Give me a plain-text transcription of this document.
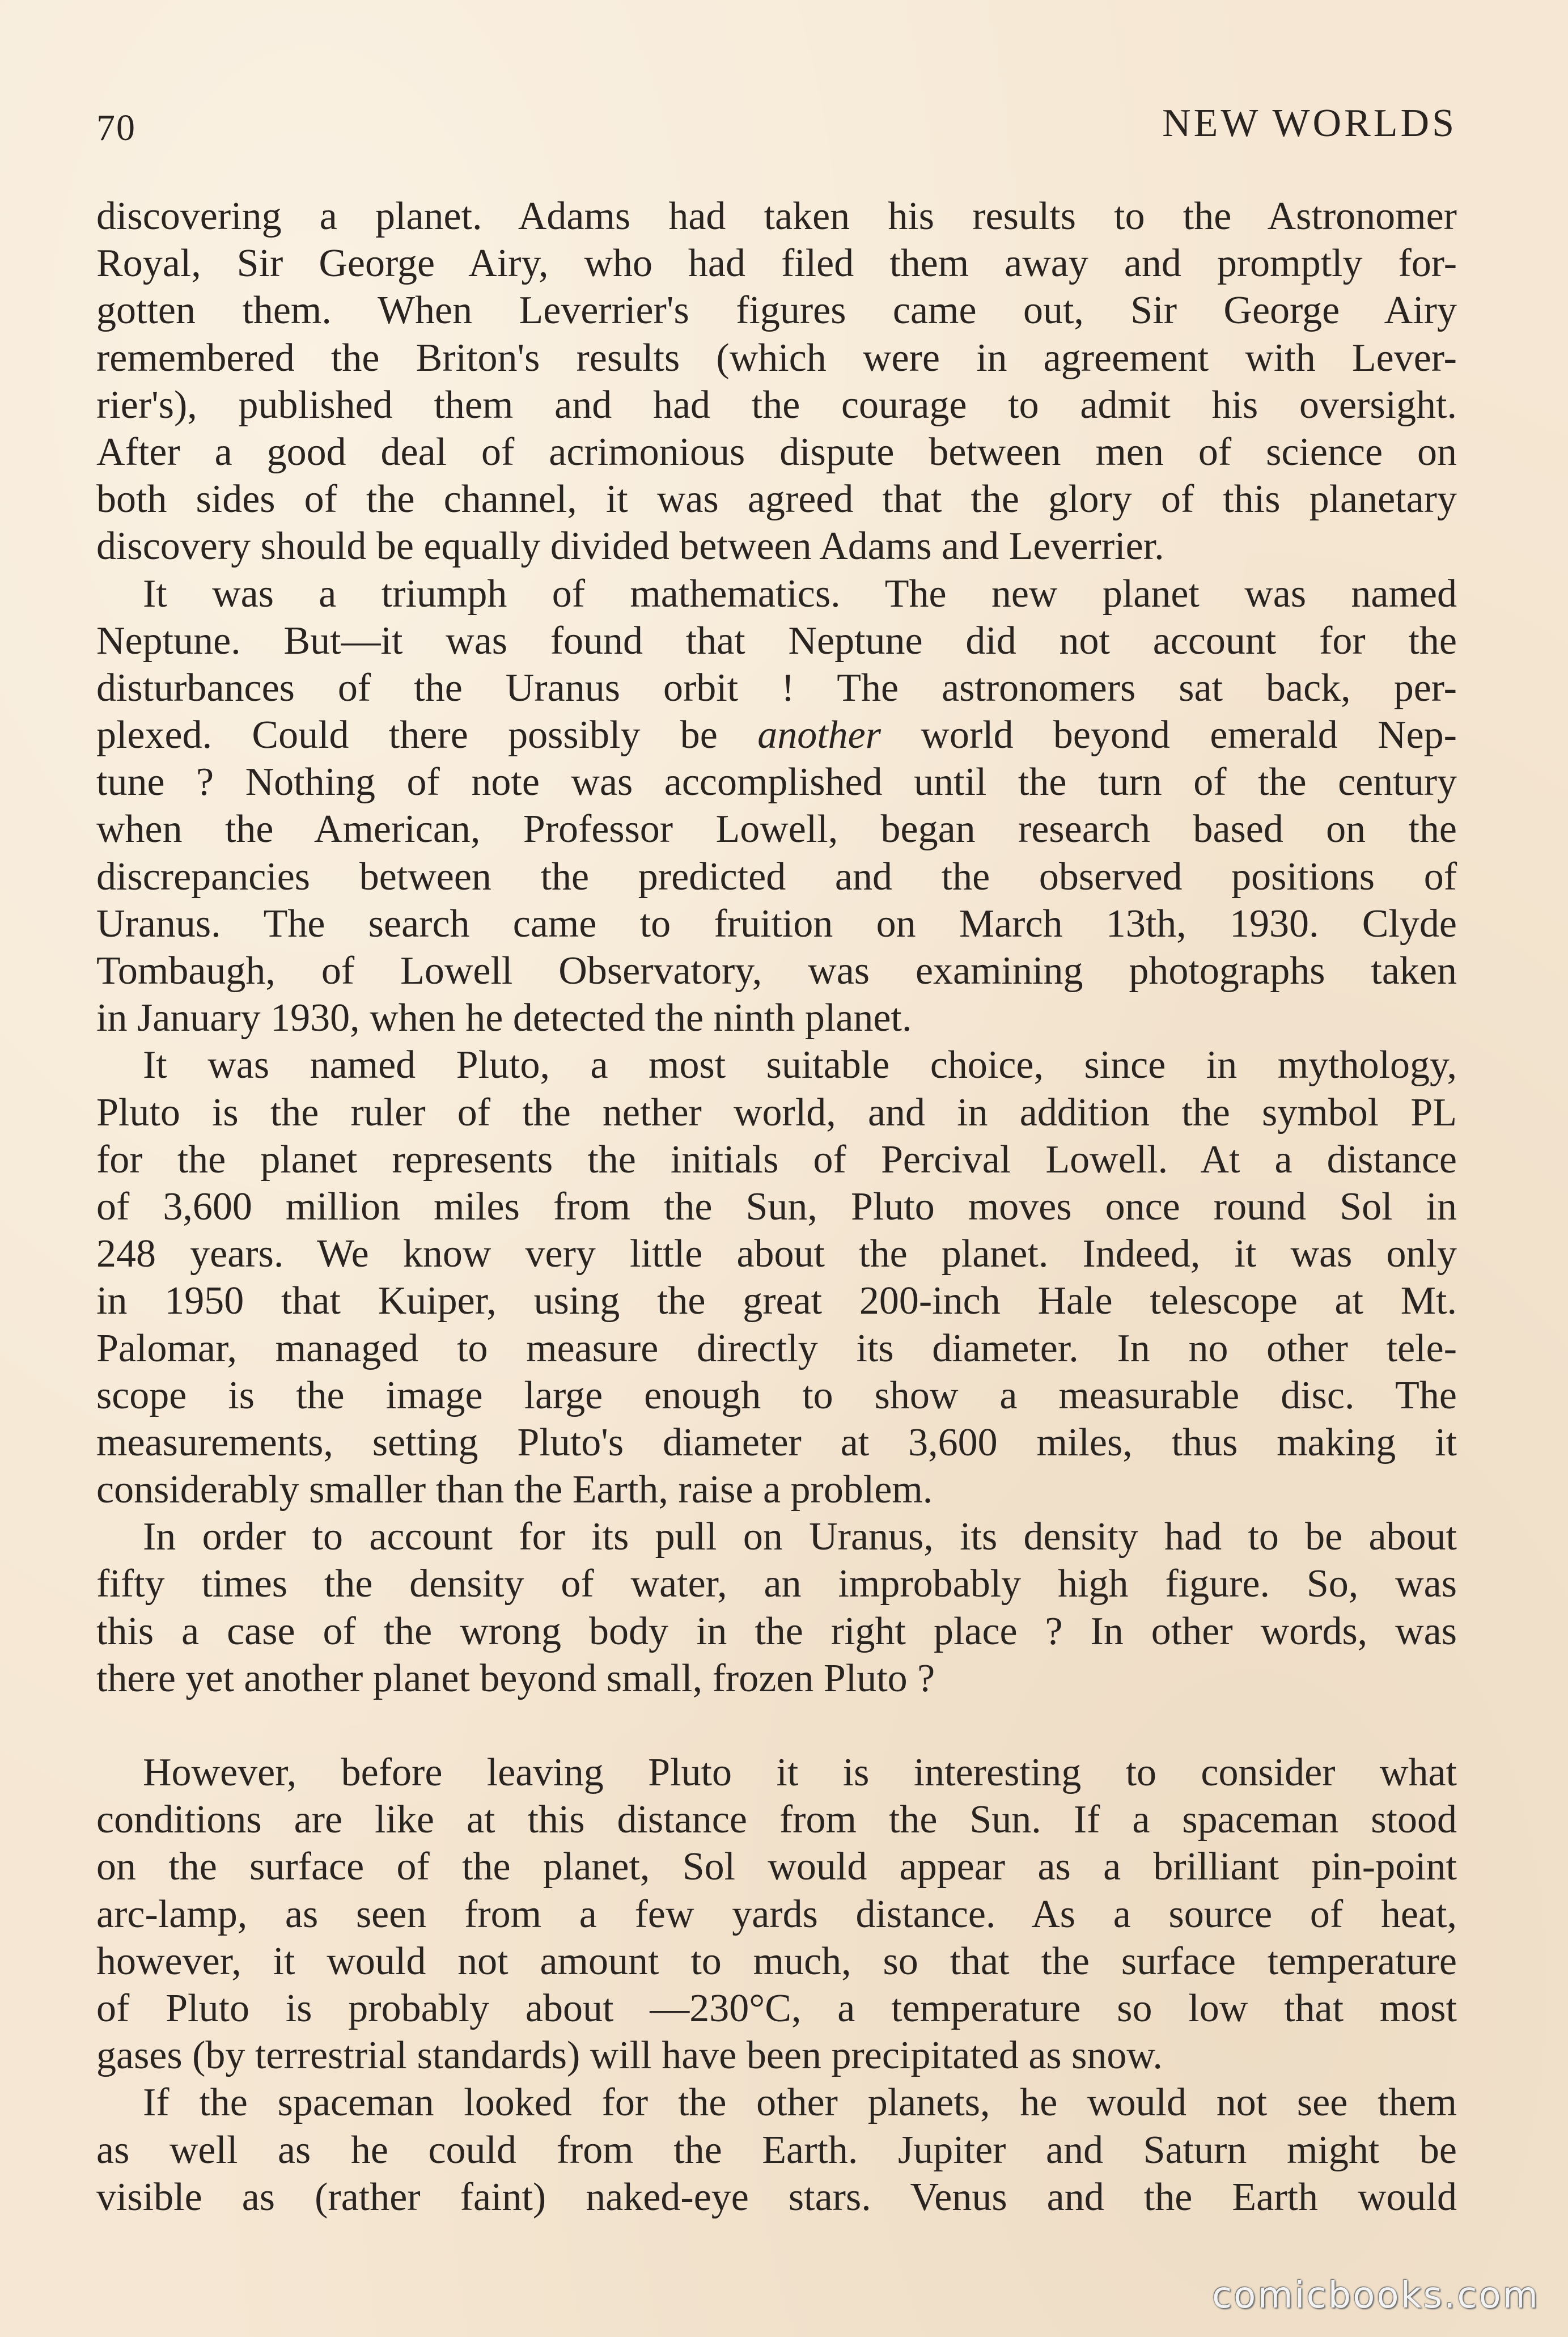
70	NEW WORLDS
discovering a planet. Adams had taken his results to the Astronomer
Royal, Sir George Airy, who had filed them away and promptly for-
gotten them. When Leverrier's figures came out, Sir George Airy
remembered the Briton's results (which were in agreement with Lever-
rier's), published them and had the courage to admit his oversight.
After a good deal of acrimonious dispute between men of science on
both sides of the channel, it was agreed that the glory of this planetary
discovery should be equally divided between Adams and Leverrier.
It was a triumph of mathematics. The new planet was named
Neptune. But—it was found that Neptune did not account for the
disturbances of the Uranus orbit ! The astronomers sat back, per-
plexed. Could there possibly be another world beyond emerald Nep-
tune ? Nothing of note was accomplished until the turn of the century
when the American, Professor Lowell, began research based on the
discrepancies between the predicted and the observed positions of
Uranus. The search came to fruition on March 13th, 1930. Clyde
Tombaugh, of Lowell Observatory, was examining photographs taken
in January 1930, when he detected the ninth planet.
It was named Pluto, a most suitable choice, since in mythology,
Pluto is the ruler of the nether world, and in addition the symbol PL
for the planet represents the initials of Percival Lowell. At a distance
of 3,600 million miles from the Sun, Pluto moves once round Sol in
248 years. We know very little about the planet. Indeed, it was only
in 1950 that Kuiper, using the great 200-inch Hale telescope at Mt.
Palomar, managed to measure directly its diameter. In no other tele-
scope is the image large enough to show a measurable disc. The
measurements, setting Pluto's diameter at 3,600 miles, thus making it
considerably smaller than the Earth, raise a problem.
In order to account for its pull on Uranus, its density had to be about
fifty times the density of water, an improbably high figure. So, was
this a case of the wrong body in the right place ? In other words, was
there yet another planet beyond small, frozen Pluto ?
However, before leaving Pluto it is interesting to consider what
conditions are like at this distance from the Sun. If a spaceman stood
on the surface of the planet, Sol would appear as a brilliant pin-point
arc-lamp, as seen from a few yards distance. As a source of heat,
however, it would not amount to much, so that the surface temperature
of Pluto is probably about —230°C, a temperature so low that most
gases (by terrestrial standards) will have been precipitated as snow.
If the spaceman looked for the other planets, he would not see them
as well as he could from the Earth. Jupiter and Saturn might be
visible as (rather faint) naked-eye stars. Venus and the Earth would
comicbooks.com
